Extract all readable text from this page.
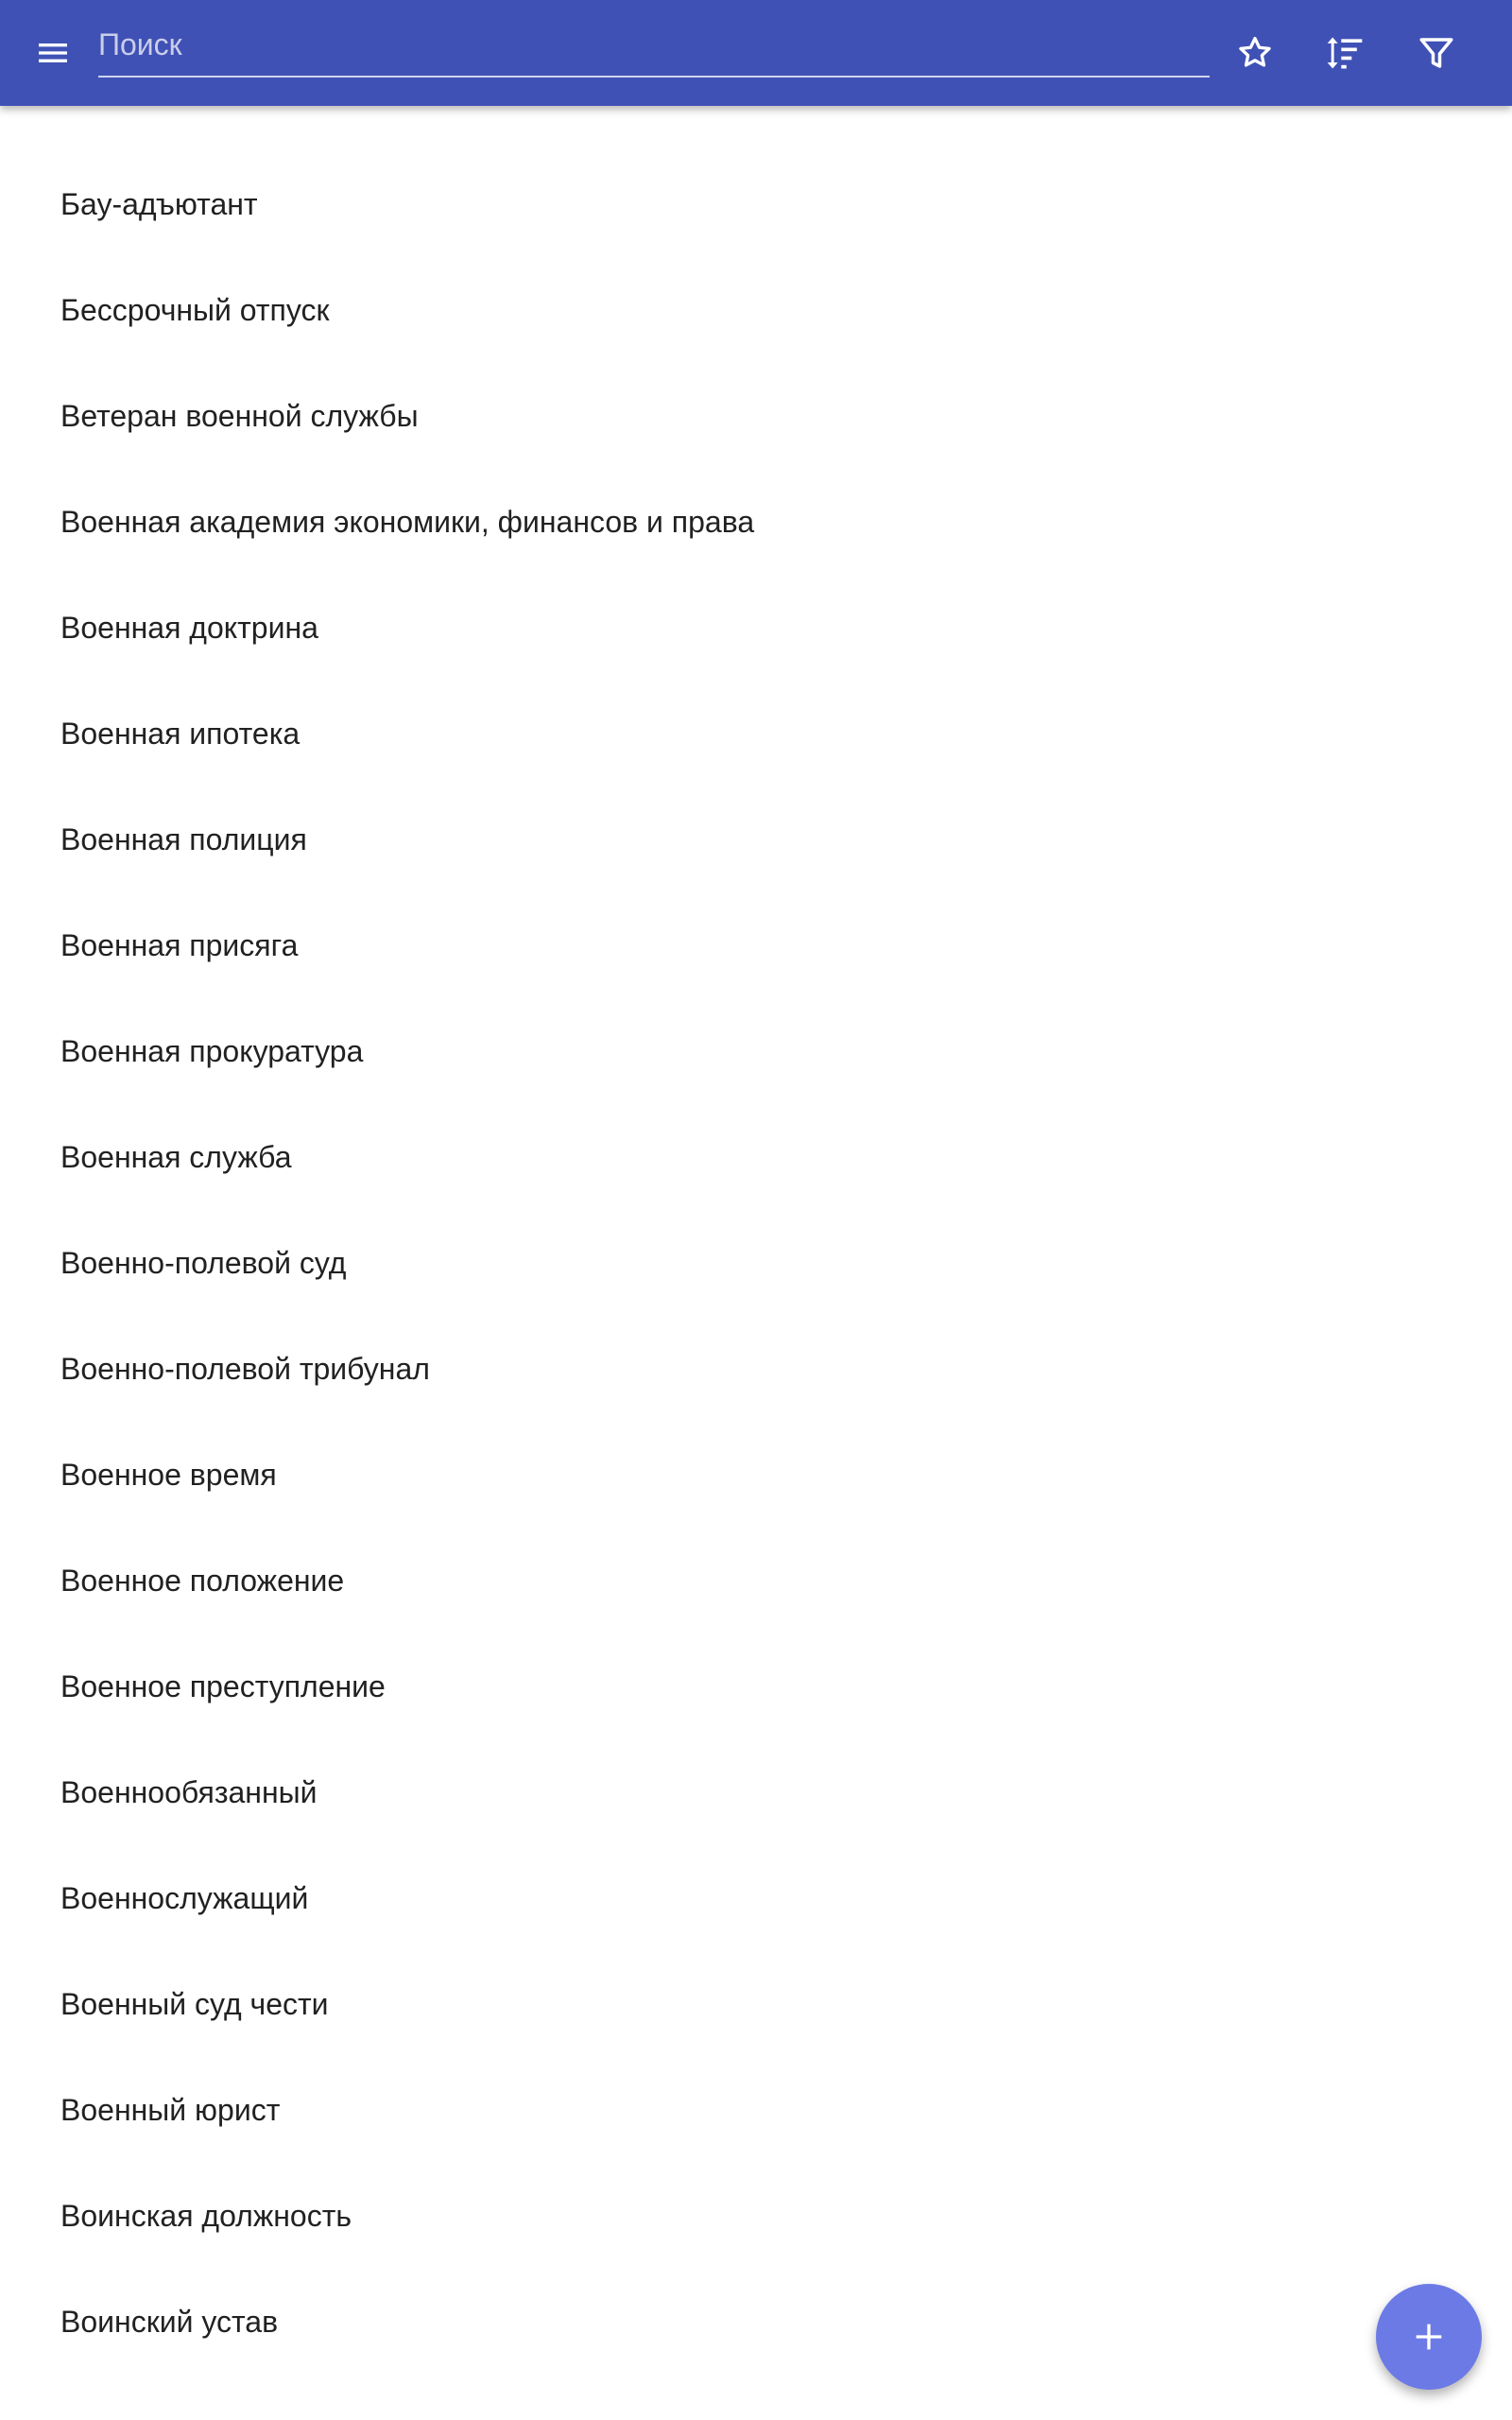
Поиск
Бау-адъютант
Бессрочный отпуск
Ветеран военной службы
Военная академия экономики, финансов и права
Военная доктрина
Военная ипотека
Военная полиция
Военная присяга
Военная прокуратура
Военная служба
Военно-полевой суд
Военно-полевой трибунал
Военное время
Военное положение
Военное преступление
Военнообязанный
Военнослужащий
Военный суд чести
Военный юрист
Воинская должность
Воинский устав
